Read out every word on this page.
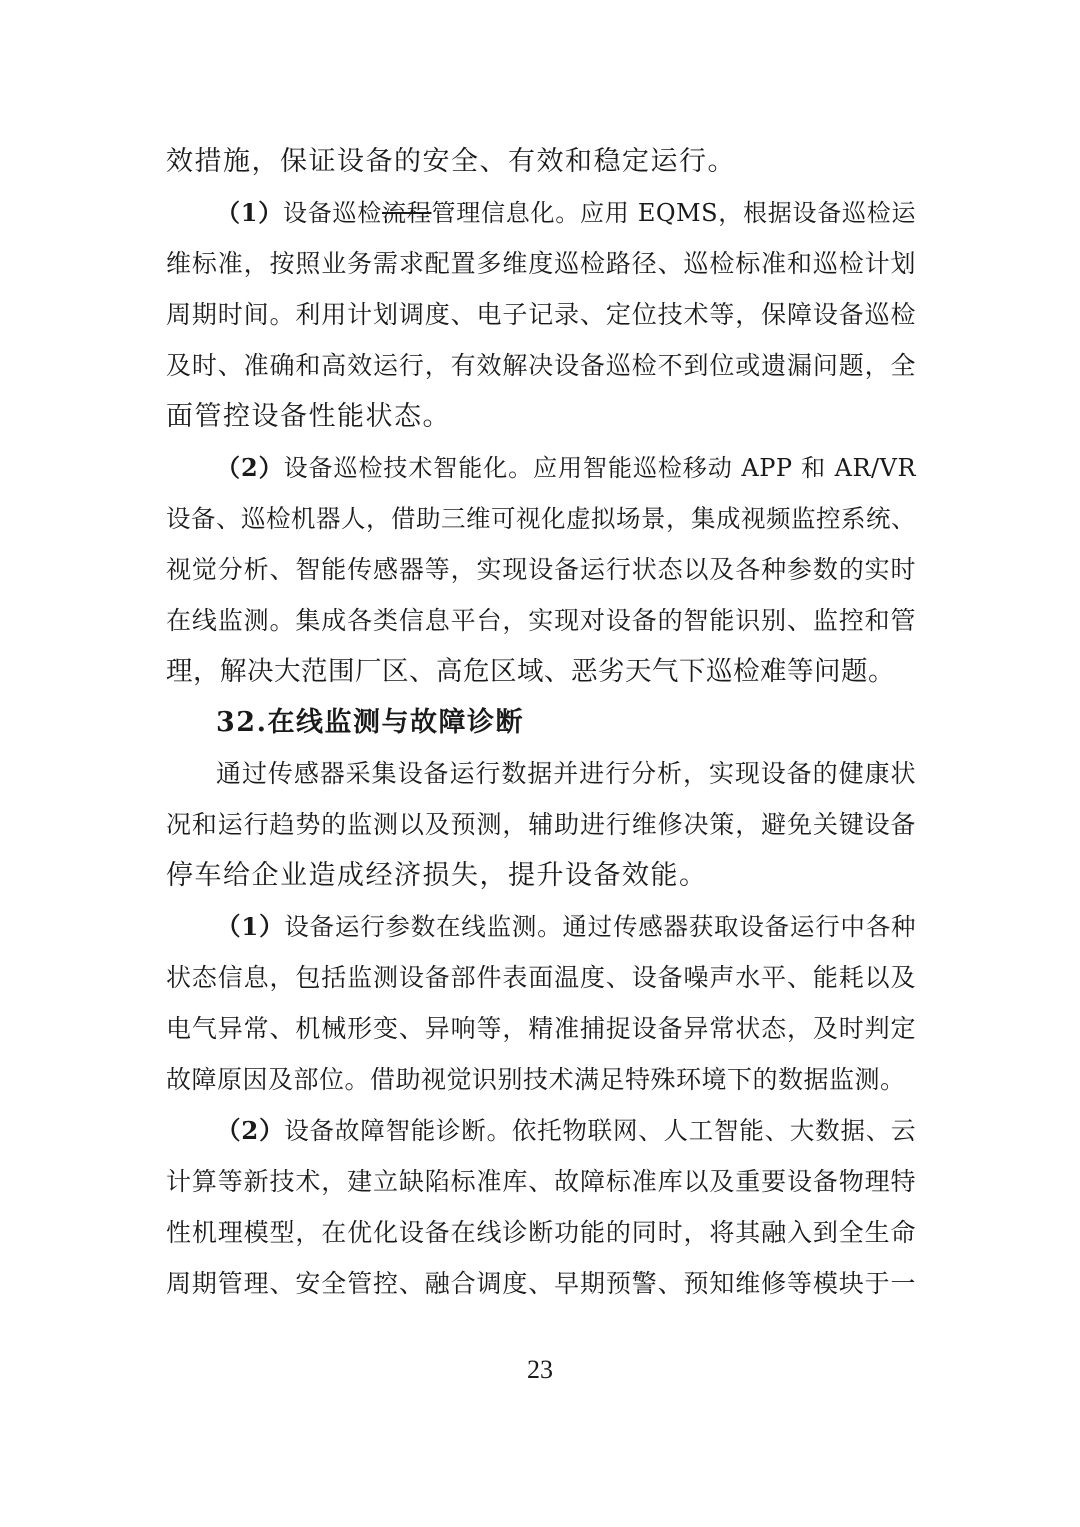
效措施，保证设备的安全、有效和稳定运行。
（1）设备巡检流程管理信息化。应用 EQMS，根据设备巡检运
维标准，按照业务需求配置多维度巡检路径、巡检标准和巡检计划
周期时间。利用计划调度、电子记录、定位技术等，保障设备巡检
及时、准确和高效运行，有效解决设备巡检不到位或遗漏问题，全
面管控设备性能状态。
（2）设备巡检技术智能化。应用智能巡检移动 APP 和 AR/VR
设备、巡检机器人，借助三维可视化虚拟场景，集成视频监控系统、
视觉分析、智能传感器等，实现设备运行状态以及各种参数的实时
在线监测。集成各类信息平台，实现对设备的智能识别、监控和管
理，解决大范围厂区、高危区域、恶劣天气下巡检难等问题。
32.在线监测与故障诊断
通过传感器采集设备运行数据并进行分析，实现设备的健康状
况和运行趋势的监测以及预测，辅助进行维修决策，避免关键设备
停车给企业造成经济损失，提升设备效能。
（1）设备运行参数在线监测。通过传感器获取设备运行中各种
状态信息，包括监测设备部件表面温度、设备噪声水平、能耗以及
电气异常、机械形变、异响等，精准捕捉设备异常状态，及时判定
故障原因及部位。借助视觉识别技术满足特殊环境下的数据监测。
（2）设备故障智能诊断。依托物联网、人工智能、大数据、云
计算等新技术，建立缺陷标准库、故障标准库以及重要设备物理特
性机理模型，在优化设备在线诊断功能的同时，将其融入到全生命
周期管理、安全管控、融合调度、早期预警、预知维修等模块于一
23
